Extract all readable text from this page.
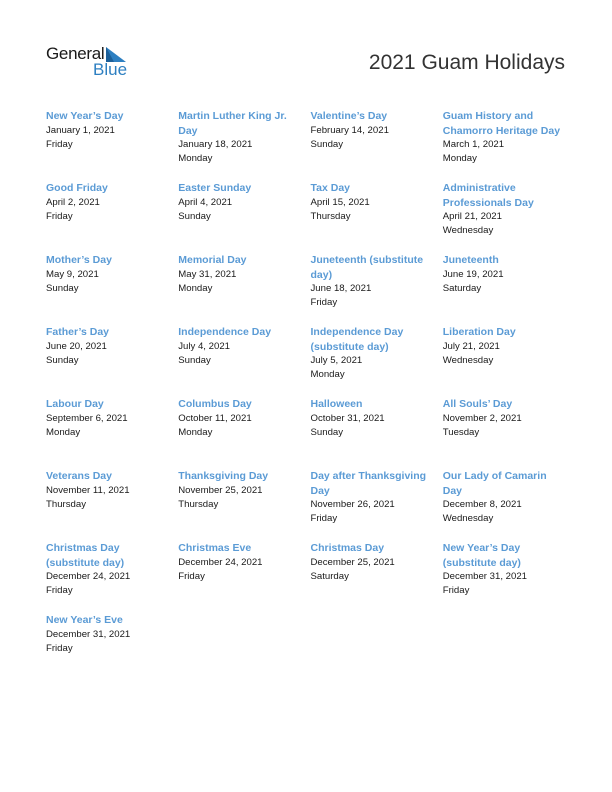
General
Blue	2021 Guam Holidays
New Year’s Day
January 1, 2021
Friday
Martin Luther King Jr. Day
January 18, 2021
Monday
Valentine’s Day
February 14, 2021
Sunday
Guam History and Chamorro Heritage Day
March 1, 2021
Monday
Good Friday
April 2, 2021
Friday
Easter Sunday
April 4, 2021
Sunday
Tax Day
April 15, 2021
Thursday
Administrative Professionals Day
April 21, 2021
Wednesday
Mother’s Day
May 9, 2021
Sunday
Memorial Day
May 31, 2021
Monday
Juneteenth (substitute day)
June 18, 2021
Friday
Juneteenth
June 19, 2021
Saturday
Father’s Day
June 20, 2021
Sunday
Independence Day
July 4, 2021
Sunday
Independence Day (substitute day)
July 5, 2021
Monday
Liberation Day
July 21, 2021
Wednesday
Labour Day
September 6, 2021
Monday
Columbus Day
October 11, 2021
Monday
Halloween
October 31, 2021
Sunday
All Souls’ Day
November 2, 2021
Tuesday
Veterans Day
November 11, 2021
Thursday
Thanksgiving Day
November 25, 2021
Thursday
Day after Thanksgiving Day
November 26, 2021
Friday
Our Lady of Camarin Day
December 8, 2021
Wednesday
Christmas Day (substitute day)
December 24, 2021
Friday
Christmas Eve
December 24, 2021
Friday
Christmas Day
December 25, 2021
Saturday
New Year’s Day (substitute day)
December 31, 2021
Friday
New Year’s Eve
December 31, 2021
Friday
